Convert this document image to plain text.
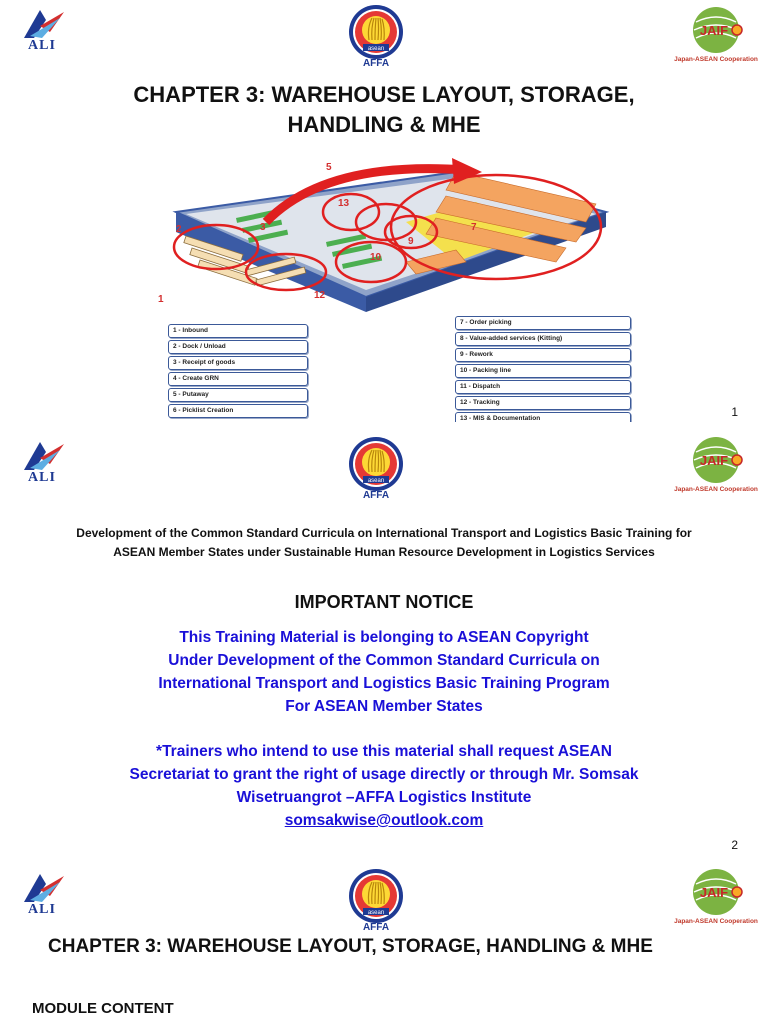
ALI	asean
AFFA
JAIF
Japan-ASEAN Cooperation
CHAPTER 3: WAREHOUSE LAYOUT, STORAGE,
HANDLING & MHE
1
2	3
5
7
9
10
12
13
1 - Inbound
2 - Dock / Unload
3 - Receipt of goods
4 - Create GRN
5 - Putaway
6 - Picklist Creation
7 - Order picking
8 - Value-added services (Kitting)
9 - Rework
10 - Packing line
11 - Dispatch
12 - Tracking
13 - MIS & Documentation	1
ALI	asean
AFFA
JAIF
Japan-ASEAN Cooperation
Development of the Common Standard Curricula on International Transport and Logistics Basic Training for
ASEAN Member States under Sustainable Human Resource Development in Logistics Services
IMPORTANT NOTICE
This Training Material is belonging to ASEAN Copyright
Under Development of the Common Standard Curricula on
International Transport and Logistics Basic Training Program
For ASEAN Member States
*Trainers who intend to use this material shall request ASEAN
Secretariat to grant the right of usage directly or through Mr. Somsak
Wisetruangrot –AFFA Logistics Institute
somsakwise@outlook.com
2
ALI	asean
AFFA
JAIF
Japan-ASEAN Cooperation
CHAPTER 3: WAREHOUSE LAYOUT, STORAGE, HANDLING & MHE
MODULE CONTENT
